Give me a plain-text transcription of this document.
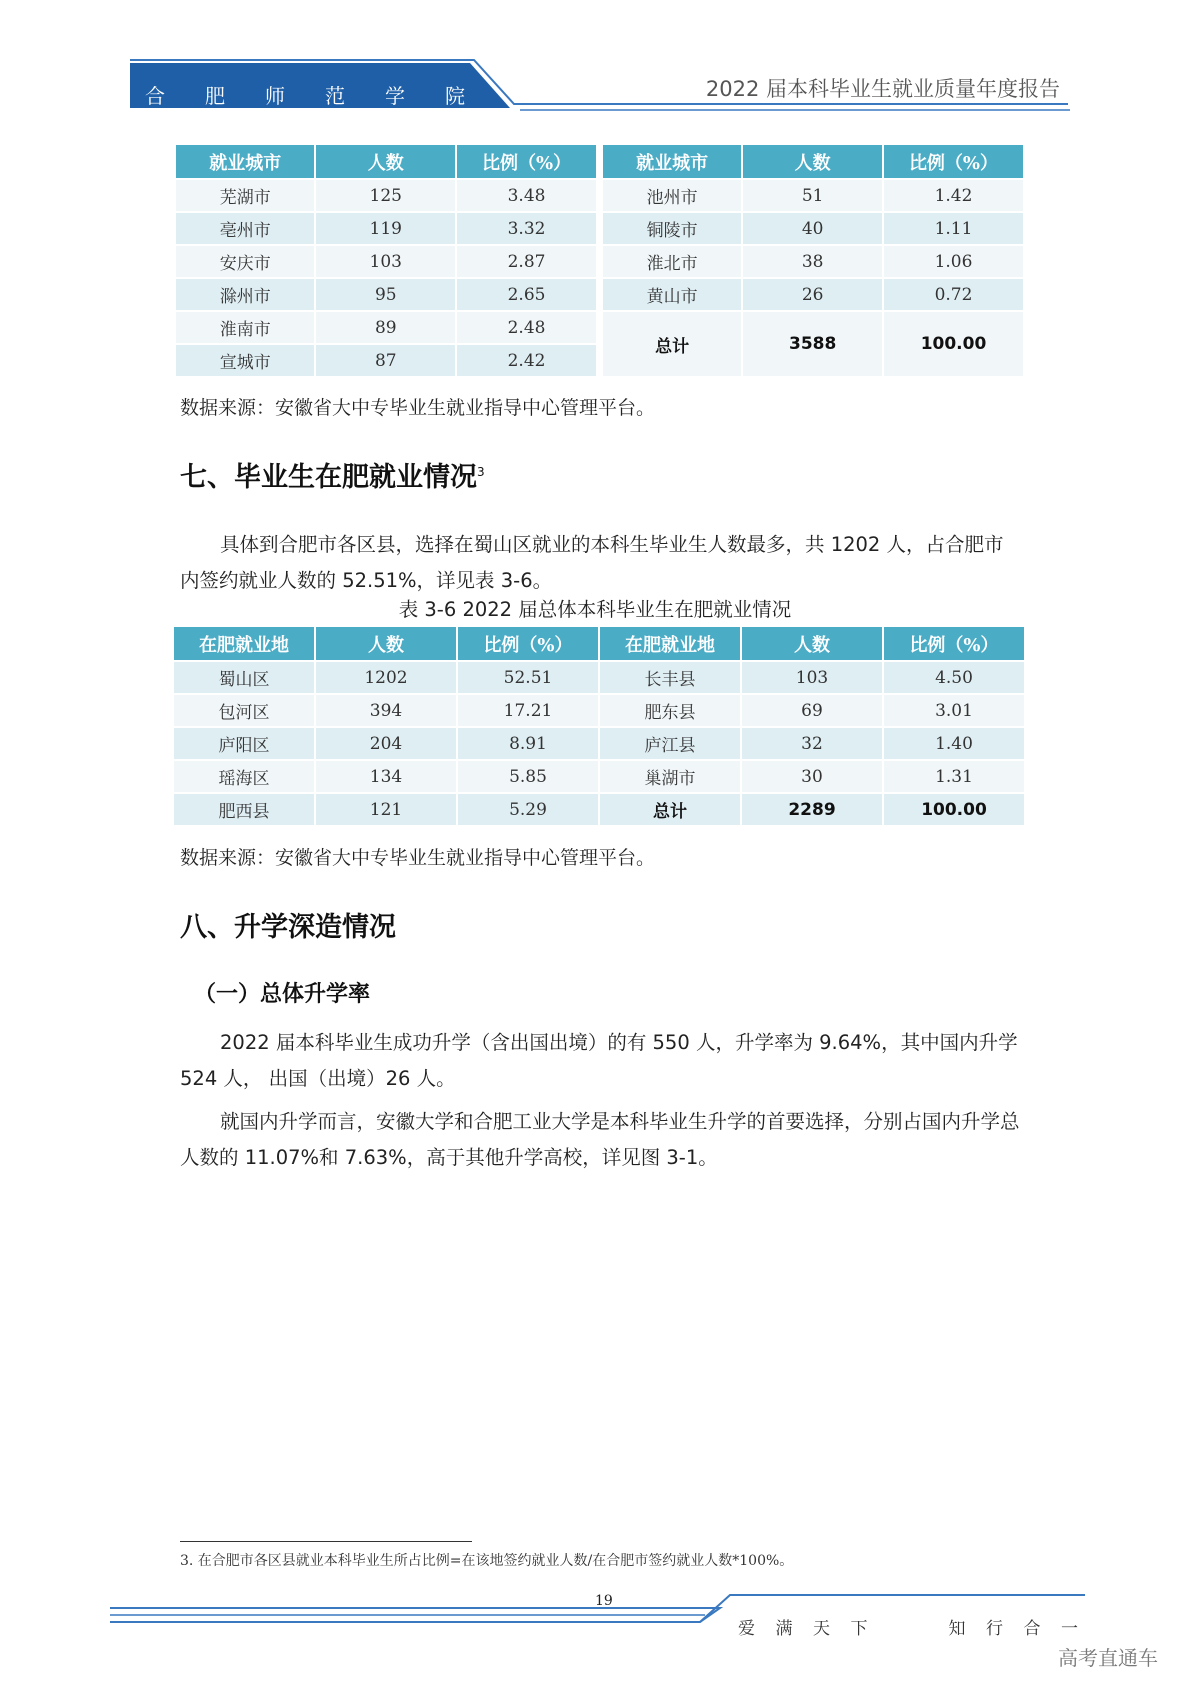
合 肥 师 范 学 院	2022 届本科毕业生就业质量年度报告
就业城市	人数	比例（%）
芜湖市	125	3.48
亳州市	119	3.32
安庆市	103	2.87
滁州市	95	2.65
淮南市	89	2.48
宣城市	87	2.42
就业城市	人数	比例（%）
池州市	51	1.42
铜陵市	40	1.11
淮北市	38	1.06
黄山市	26	0.72
总计	3588	100.00
数据来源：安徽省大中专毕业生就业指导中心管理平台。
七、毕业生在肥就业情况$^3$
具体到合肥市各区县，选择在蜀山区就业的本科生毕业生人数最多，共 1202 人，占合肥市内签约就业人数的 52.51%，详见表 3-6。
表 3-6 2022 届总体本科毕业生在肥就业情况
在肥就业地	人数	比例（%）	在肥就业地	人数	比例（%）
蜀山区	1202	52.51	长丰县	103	4.50
包河区	394	17.21	肥东县	69	3.01
庐阳区	204	8.91	庐江县	32	1.40
瑶海区	134	5.85	巢湖市	30	1.31
肥西县	121	5.29	总计	2289	100.00
数据来源：安徽省大中专毕业生就业指导中心管理平台。
八、升学深造情况
（一）总体升学率
2022 届本科毕业生成功升学（含出国出境）的有 550 人，升学率为 9.64%，其中国内升学 524 人， 出国（出境）26 人。
就国内升学而言，安徽大学和合肥工业大学是本科毕业生升学的首要选择，分别占国内升学总人数的 11.07%和 7.63%，高于其他升学高校，详见图 3-1。
3. 在合肥市各区县就业本科毕业生所占比例=在该地签约就业人数/在合肥市签约就业人数*100%。
19
爱 满 天 下	知 行 合 一
高考直通车
